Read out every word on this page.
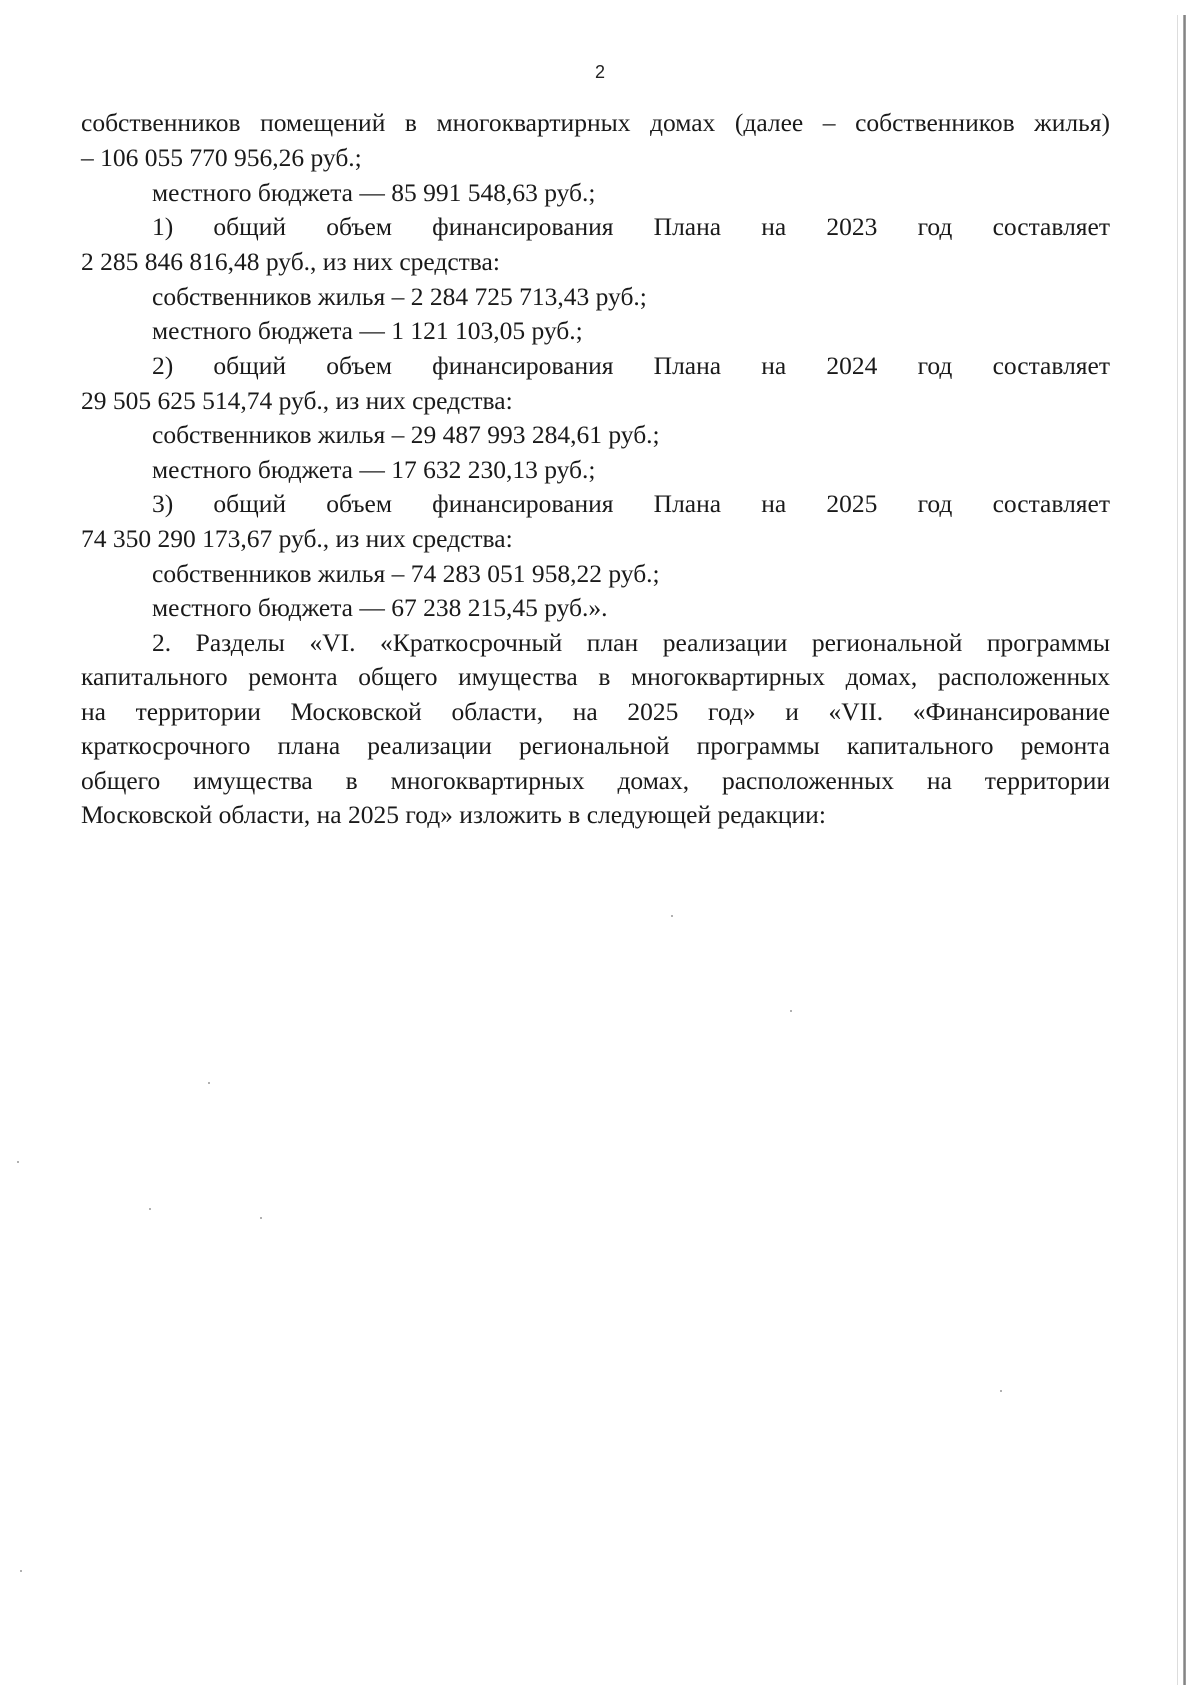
2
собственников помещений в многоквартирных домах (далее – собственников жилья)
– 106 055 770 956,26 руб.;
местного бюджета — 85 991 548,63 руб.;
1) общий объем финансирования Плана на 2023 год составляет
2 285 846 816,48 руб., из них средства:
собственников жилья – 2 284 725 713,43 руб.;
местного бюджета — 1 121 103,05 руб.;
2) общий объем финансирования Плана на 2024 год составляет
29 505 625 514,74 руб., из них средства:
собственников жилья – 29 487 993 284,61 руб.;
местного бюджета — 17 632 230,13 руб.;
3) общий объем финансирования Плана на 2025 год составляет
74 350 290 173,67 руб., из них средства:
собственников жилья – 74 283 051 958,22 руб.;
местного бюджета — 67 238 215,45 руб.».
2. Разделы «VI. «Краткосрочный план реализации региональной программы
капитального ремонта общего имущества в многоквартирных домах, расположенных
на территории Московской области, на 2025 год» и «VII. «Финансирование
краткосрочного плана реализации региональной программы капитального ремонта
общего имущества в многоквартирных домах, расположенных на территории
Московской области, на 2025 год» изложить в следующей редакции:
